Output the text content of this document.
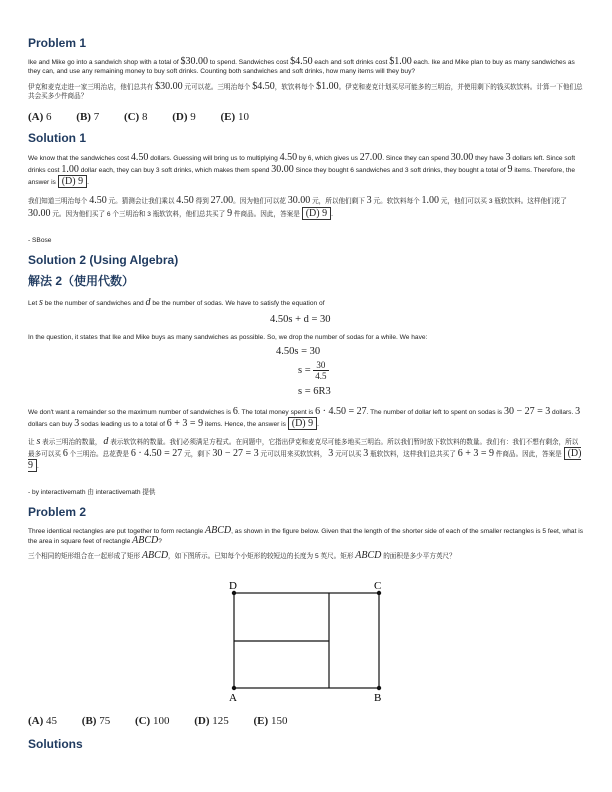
Problem 1
Ike and Mike go into a sandwich shop with a total of $30.00 to spend. Sandwiches cost $4.50 each and soft drinks cost $1.00 each. Ike and Mike plan to buy as many sandwiches as they can, and use any remaining money to buy soft drinks. Counting both sandwiches and soft drinks, how many items will they buy?
伊克和麦克走进一家三明治店，他们总共有 $30.00 元可以花。三明治每个 $4.50，软饮料每个 $1.00。伊克和麦克计划买尽可能多的三明治，并使用剩下的钱买软饮料。计算一下他们总共会买多少件商品？
(A) 6 (B) 7 (C) 8 (D) 9 (E) 10
Solution 1
We know that the sandwiches cost 4.50 dollars. Guessing will bring us to multiplying 4.50 by 6, which gives us 27.00. Since they can spend 30.00 they have 3 dollars left. Since soft drinks cost 1.00 dollar each, they can buy 3 soft drinks, which makes them spend 30.00 Since they bought 6 sandwiches and 3 soft drinks, they bought a total of 9 items. Therefore, the answer is (D) 9 .
我们知道三明治每个 4.50 元。猜测会让我们乘以 4.50 得到 27.00。因为他们可以花 30.00 元，所以他们剩下 3 元。软饮料每个 1.00 元，他们可以买 3 瓶软饮料。这样他们花了 30.00 元。因为他们买了 6 个三明治和 3 瓶软饮料，他们总共买了 9 件商品。因此，答案是 (D) 9 .
- SBose
Solution 2 (Using Algebra)
解法 2（使用代数）
Let s be the number of sandwiches and d be the number of sodas. We have to satisfy the equation of
4.50s + d = 30
In the question, it states that Ike and Mike buys as many sandwiches as possible. So, we drop the number of sodas for a while. We have:
4.50s = 30
$s = \frac{30}{4.5}$
s = 6R3
We don't want a remainder so the maximum number of sandwiches is 6. The total money spent is 6 · 4.50 = 27. The number of dollar left to spent on sodas is 30 − 27 = 3 dollars. 3 dollars can buy 3 sodas leading us to a total of 6 + 3 = 9 items. Hence, the answer is (D) 9 .
让 s 表示三明治的数量， d 表示软饮料的数量。我们必须满足方程式。在问题中，它指出伊克和麦克尽可能多地买三明治。所以我们暂时放下软饮料的数量。我们有：我们不想有剩余，所以最多可以买 6 个三明治。总花费是 6 · 4.50 = 27 元，剩下 30 − 27 = 3 元可以用来买软饮料， 3 元可以买 3 瓶软饮料，这样我们总共买了 6 + 3 = 9 件商品。因此，答案是 (D) 9 .
- by interactivemath 由 interactivemath 提供
Problem 2
Three identical rectangles are put together to form rectangle ABCD, as shown in the figure below. Given that the length of the shorter side of each of the smaller rectangles is 5 feet, what is the area in square feet of rectangle ABCD?
三个相同的矩形组合在一起形成了矩形 ABCD，如下图所示。已知每个小矩形的较短边的长度为 5 英尺。矩形 ABCD 的面积是多少平方英尺？
D	C
A	B
(A) 45 (B) 75 (C) 100 (D) 125 (E) 150
Solutions
